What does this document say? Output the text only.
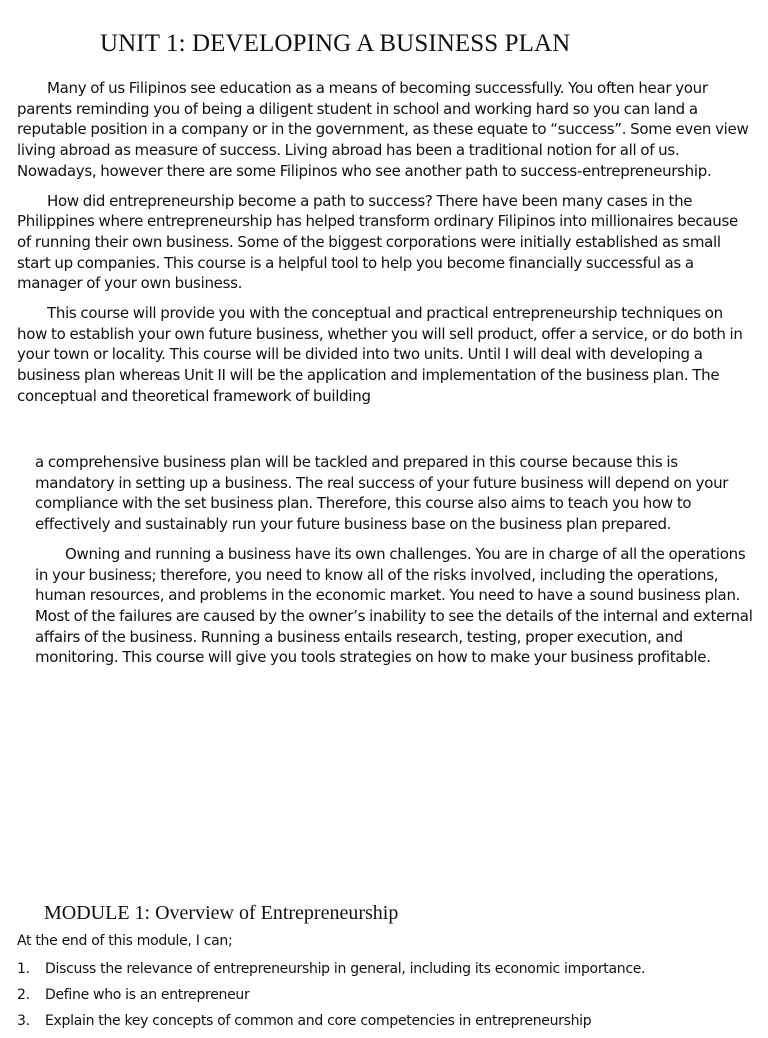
UNIT 1: DEVELOPING A BUSINESS PLAN

Many of us Filipinos see education as a means of becoming successfully. You often hear your parents reminding you of being a diligent student in school and working hard so you can land a reputable position in a company or in the government, as these equate to “success”. Some even view living abroad as measure of success. Living abroad has been a traditional notion for all of us. Nowadays, however there are some Filipinos who see another path to success-entrepreneurship.

How did entrepreneurship become a path to success? There have been many cases in the Philippines where entrepreneurship has helped transform ordinary Filipinos into millionaires because of running their own business. Some of the biggest corporations were initially established as small start up companies. This course is a helpful tool to help you become financially successful as a manager of your own business.

This course will provide you with the conceptual and practical entrepreneurship techniques on how to establish your own future business, whether you will sell product, offer a service, or do both in your town or locality. This course will be divided into two units. Until I will deal with developing a business plan whereas Unit II will be the application and implementation of the business plan. The conceptual and theoretical framework of building

a comprehensive business plan will be tackled and prepared in this course because this is mandatory in setting up a business. The real success of your future business will depend on your compliance with the set business plan. Therefore, this course also aims to teach you how to effectively and sustainably run your future business base on the business plan prepared.

Owning and running a business have its own challenges. You are in charge of all the operations in your business; therefore, you need to know all of the risks involved, including the operations, human resources, and problems in the economic market. You need to have a sound business plan. Most of the failures are caused by the owner’s inability to see the details of the internal and external affairs of the business. Running a business entails research, testing, proper execution, and monitoring. This course will give you tools strategies on how to make your business profitable.

MODULE 1: Overview of Entrepreneurship

At the end of this module, I can;

1.	Discuss the relevance of entrepreneurship in general, including its economic importance.
2.	Define who is an entrepreneur
3.	Explain the key concepts of common and core competencies in entrepreneurship
